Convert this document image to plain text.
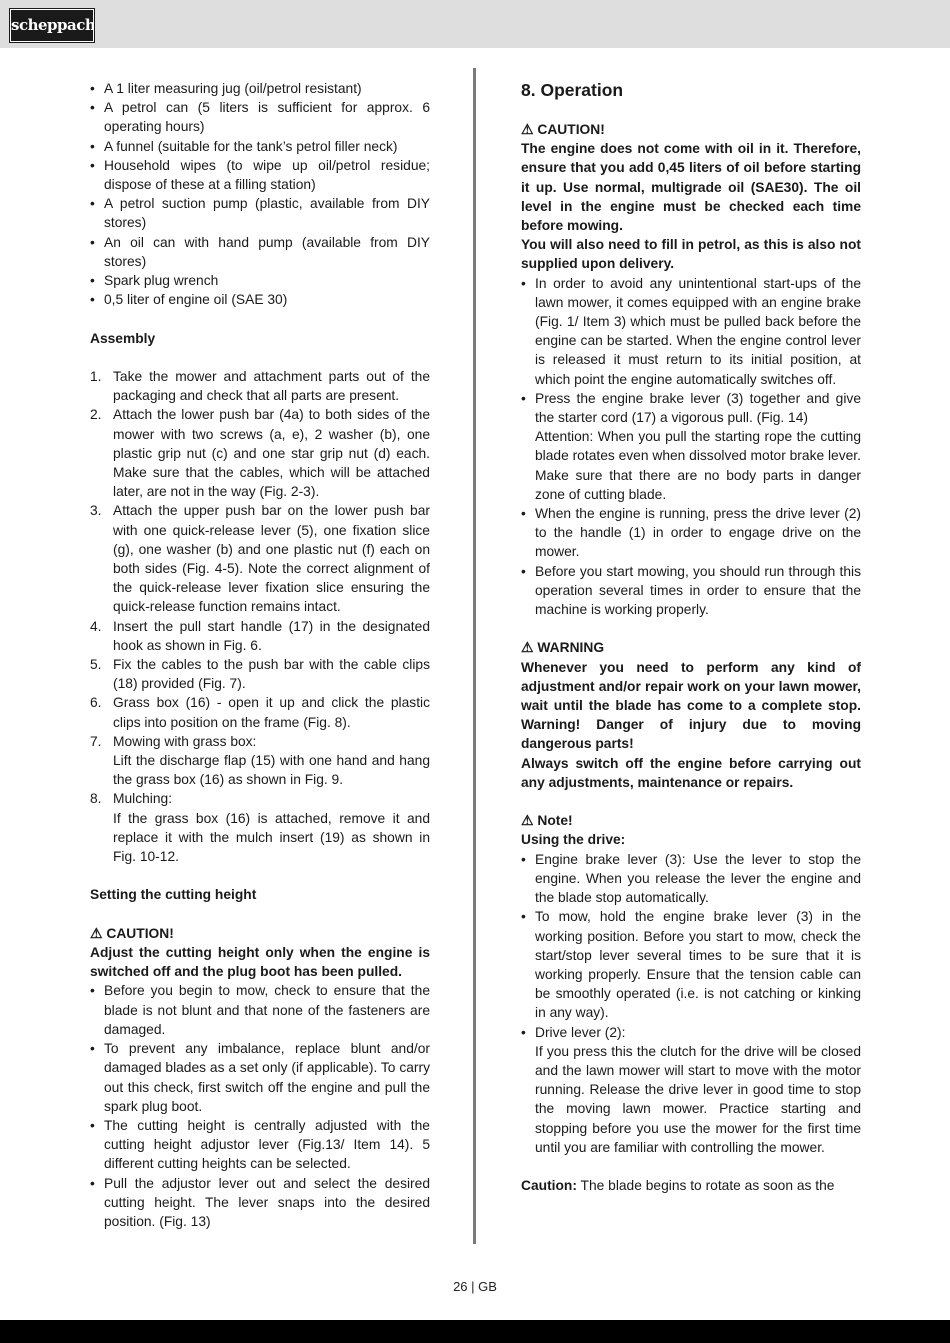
scheppach
• A 1 liter measuring jug (oil/petrol resistant)
• A petrol can (5 liters is sufficient for approx. 6 operating hours)
• A funnel (suitable for the tank’s petrol filler neck)
• Household wipes (to wipe up oil/petrol residue; dispose of these at a filling station)
• A petrol suction pump (plastic, available from DIY stores)
• An oil can with hand pump (available from DIY stores)
• Spark plug wrench
• 0,5 liter of engine oil (SAE 30)

Assembly

1. Take the mower and attachment parts out of the packaging and check that all parts are present.
2. Attach the lower push bar (4a) to both sides of the mower with two screws (a, e), 2 washer (b), one plastic grip nut (c) and one star grip nut (d) each. Make sure that the cables, which will be attached later, are not in the way (Fig. 2-3).
3. Attach the upper push bar on the lower push bar with one quick-release lever (5), one fixation slice (g), one washer (b) and one plastic nut (f) each on both sides (Fig. 4-5). Note the correct alignment of the quick-release lever fixation slice ensuring the quick-release function remains intact.
4. Insert the pull start handle (17) in the designated hook as shown in Fig. 6.
5. Fix the cables to the push bar with the cable clips (18) provided (Fig. 7).
6. Grass box (16) - open it up and click the plastic clips into position on the frame (Fig. 8).
7. Mowing with grass box:
Lift the discharge flap (15) with one hand and hang the grass box (16) as shown in Fig. 9.
8. Mulching:
If the grass box (16) is attached, remove it and replace it with the mulch insert (19) as shown in Fig. 10-12.

Setting the cutting height

⚠ CAUTION!

Adjust the cutting height only when the engine is switched off and the plug boot has been pulled.

• Before you begin to mow, check to ensure that the blade is not blunt and that none of the fasteners are damaged.
• To prevent any imbalance, replace blunt and/or damaged blades as a set only (if applicable). To carry out this check, first switch off the engine and pull the spark plug boot.
• The cutting height is centrally adjusted with the cutting height adjustor lever (Fig.13/ Item 14). 5 different cutting heights can be selected.
• Pull the adjustor lever out and select the desired cutting height. The lever snaps into the desired position. (Fig. 13)

8. Operation

⚠ CAUTION!

The engine does not come with oil in it. Therefore, ensure that you add 0,45 liters of oil before starting it up. Use normal, multigrade oil (SAE30). The oil level in the engine must be checked each time before mowing.

You will also need to fill in petrol, as this is also not supplied upon delivery.

• In order to avoid any unintentional start-ups of the lawn mower, it comes equipped with an engine brake (Fig. 1/ Item 3) which must be pulled back before the engine can be started. When the engine control lever is released it must return to its initial position, at which point the engine automatically switches off.
• Press the engine brake lever (3) together and give the starter cord (17) a vigorous pull. (Fig. 14)
Attention: When you pull the starting rope the cutting blade rotates even when dissolved motor brake lever.
Make sure that there are no body parts in danger zone of cutting blade.
• When the engine is running, press the drive lever (2) to the handle (1) in order to engage drive on the mower.
• Before you start mowing, you should run through this operation several times in order to ensure that the machine is working properly.

⚠ WARNING

Whenever you need to perform any kind of adjustment and/or repair work on your lawn mower, wait until the blade has come to a complete stop. Warning! Danger of injury due to moving dangerous parts!

Always switch off the engine before carrying out any adjustments, maintenance or repairs.

⚠ Note!

Using the drive:

• Engine brake lever (3): Use the lever to stop the engine. When you release the lever the engine and the blade stop automatically.
• To mow, hold the engine brake lever (3) in the working position. Before you start to mow, check the start/stop lever several times to be sure that it is working properly. Ensure that the tension cable can be smoothly operated (i.e. is not catching or kinking in any way).
• Drive lever (2):
If you press this the clutch for the drive will be closed and the lawn mower will start to move with the motor running. Release the drive lever in good time to stop the moving lawn mower. Practice starting and stopping before you use the mower for the first time until you are familiar with controlling the mower.

Caution: The blade begins to rotate as soon as the

26 | GB
